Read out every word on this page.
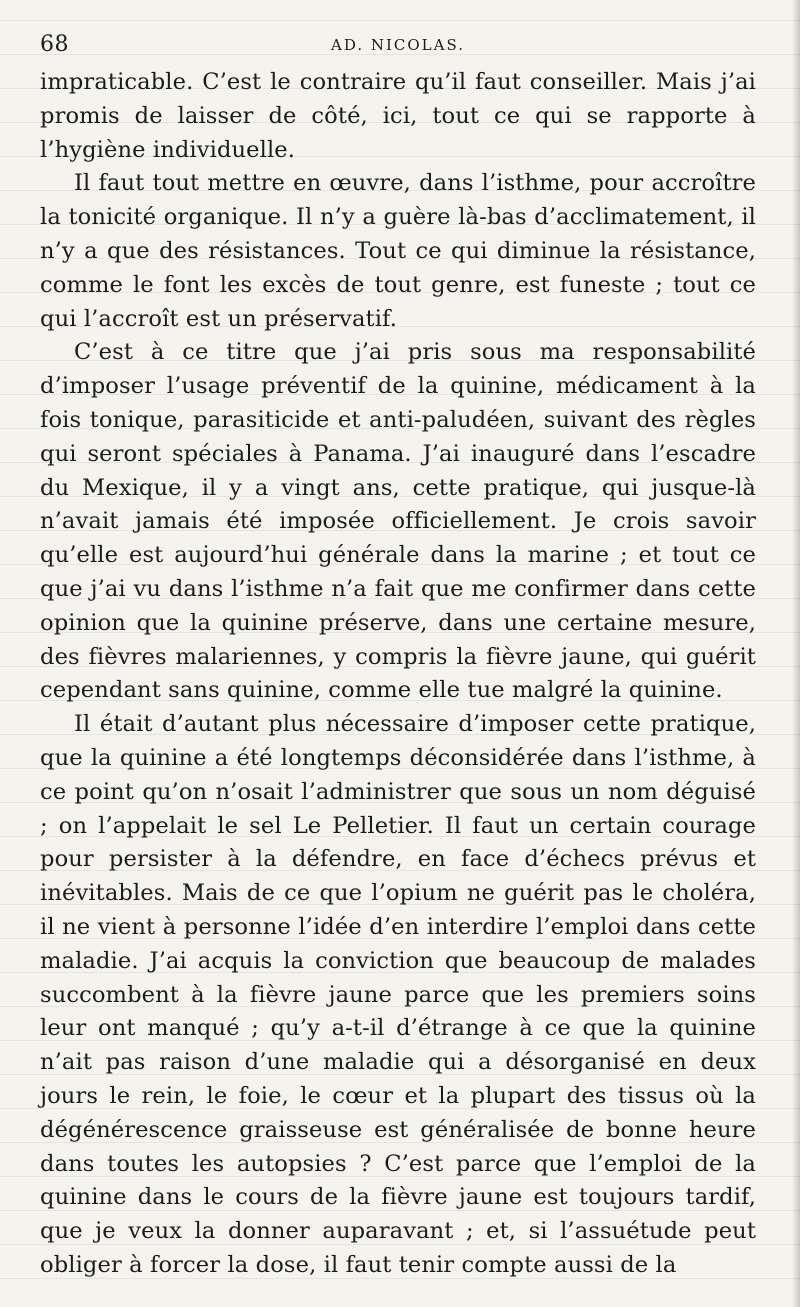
68	AD. NICOLAS.

impraticable. C’est le contraire qu’il faut conseiller. Mais j’ai promis de laisser de côté, ici, tout ce qui se rapporte à l’hygiène individuelle.

Il faut tout mettre en œuvre, dans l’isthme, pour accroître la tonicité organique. Il n’y a guère là-bas d’acclimatement, il n’y a que des résistances. Tout ce qui diminue la résistance, comme le font les excès de tout genre, est funeste ; tout ce qui l’accroît est un préservatif.

C’est à ce titre que j’ai pris sous ma responsabilité d’imposer l’usage préventif de la quinine, médicament à la fois tonique, parasiticide et anti-paludéen, suivant des règles qui seront spéciales à Panama. J’ai inauguré dans l’escadre du Mexique, il y a vingt ans, cette pratique, qui jusque-là n’avait jamais été imposée officiellement. Je crois savoir qu’elle est aujourd’hui générale dans la marine ; et tout ce que j’ai vu dans l’isthme n’a fait que me confirmer dans cette opinion que la quinine préserve, dans une certaine mesure, des fièvres malariennes, y compris la fièvre jaune, qui guérit cependant sans quinine, comme elle tue malgré la quinine.

Il était d’autant plus nécessaire d’imposer cette pratique, que la quinine a été longtemps déconsidérée dans l’isthme, à ce point qu’on n’osait l’administrer que sous un nom déguisé ; on l’appelait le sel Le Pelletier. Il faut un certain courage pour persister à la défendre, en face d’échecs prévus et inévitables. Mais de ce que l’opium ne guérit pas le choléra, il ne vient à personne l’idée d’en interdire l’emploi dans cette maladie. J’ai acquis la conviction que beaucoup de malades succombent à la fièvre jaune parce que les premiers soins leur ont manqué ; qu’y a-t-il d’étrange à ce que la quinine n’ait pas raison d’une maladie qui a désorganisé en deux jours le rein, le foie, le cœur et la plupart des tissus où la dégénérescence graisseuse est généralisée de bonne heure dans toutes les autopsies ? C’est parce que l’emploi de la quinine dans le cours de la fièvre jaune est toujours tardif, que je veux la donner auparavant ; et, si l’assuétude peut obliger à forcer la dose, il faut tenir compte aussi de la
